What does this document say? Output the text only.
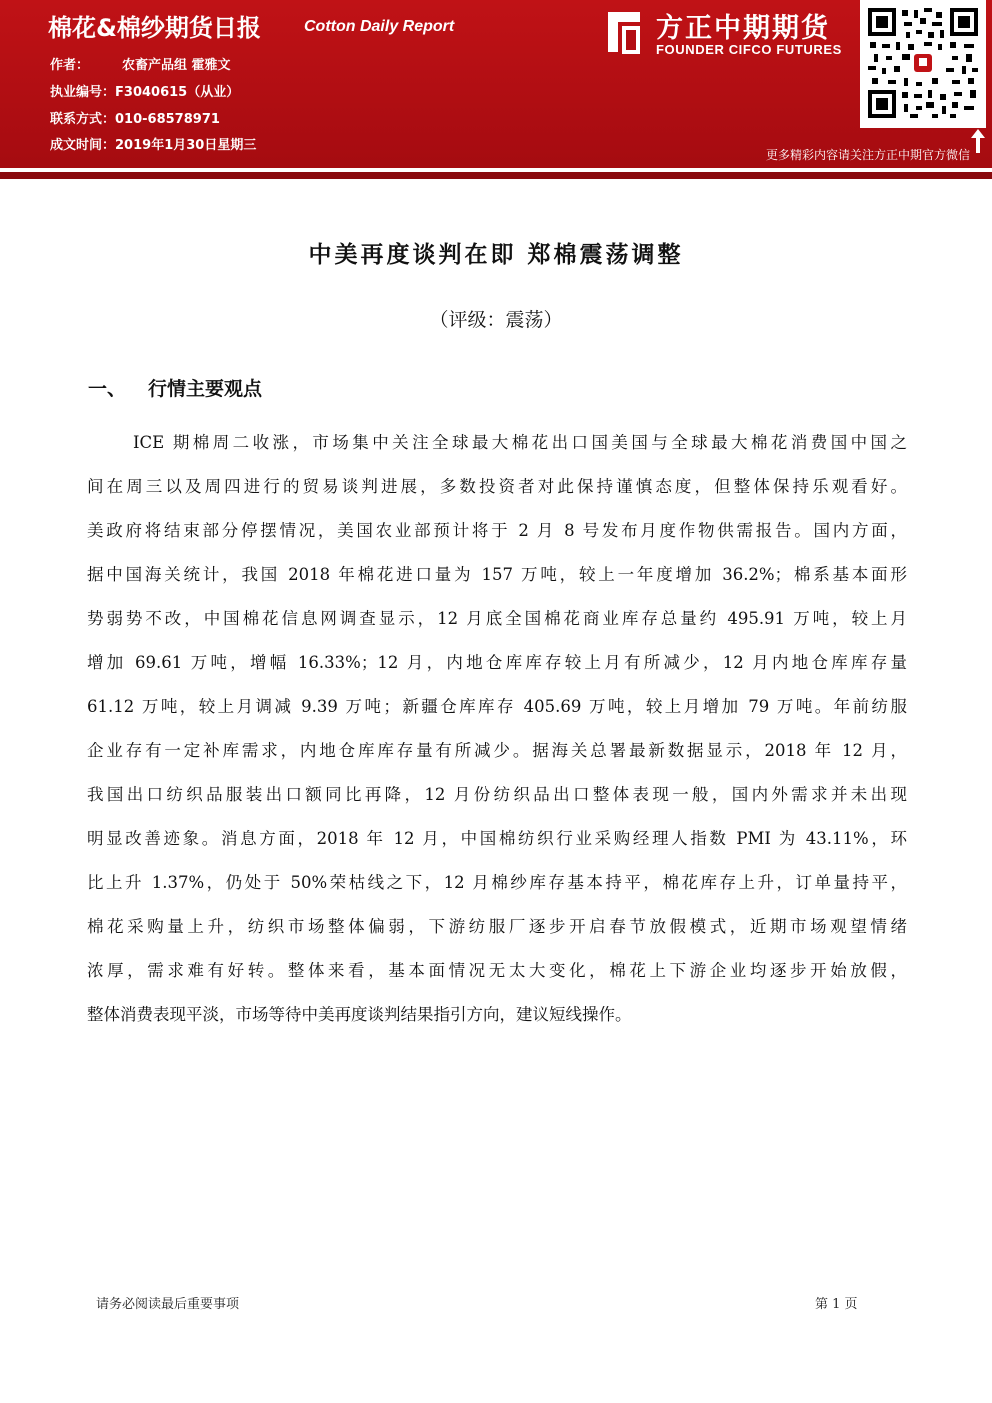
棉花&棉纱期货日报	Cotton Daily Report
作者：	农畜产品组 霍雅文
执业编号：F3040615（从业）
联系方式：010-68578971
成文时间：2019年1月30日星期三
方正中期期货
FOUNDER CIFCO FUTURES
更多精彩内容请关注方正中期官方微信
中美再度谈判在即 郑棉震荡调整
（评级：震荡）
一、 行情主要观点
ICE 期棉周二收涨，市场集中关注全球最大棉花出口国美国与全球最大棉花消费国中国之
间在周三以及周四进行的贸易谈判进展，多数投资者对此保持谨慎态度，但整体保持乐观看好。
美政府将结束部分停摆情况，美国农业部预计将于 2 月 8 号发布月度作物供需报告。国内方面，
据中国海关统计，我国 2018 年棉花进口量为 157 万吨，较上一年度增加 36.2%；棉系基本面形
势弱势不改，中国棉花信息网调查显示，12 月底全国棉花商业库存总量约 495.91 万吨，较上月
增加 69.61 万吨，增幅 16.33%；12 月，内地仓库库存较上月有所减少，12 月内地仓库库存量
61.12 万吨，较上月调减 9.39 万吨；新疆仓库库存 405.69 万吨，较上月增加 79 万吨。年前纺服
企业存有一定补库需求，内地仓库库存量有所减少。据海关总署最新数据显示，2018 年 12 月，
我国出口纺织品服装出口额同比再降，12 月份纺织品出口整体表现一般，国内外需求并未出现
明显改善迹象。消息方面，2018 年 12 月，中国棉纺织行业采购经理人指数 PMI 为 43.11%，环
比上升 1.37%，仍处于 50%荣枯线之下，12 月棉纱库存基本持平，棉花库存上升，订单量持平，
棉花采购量上升，纺织市场整体偏弱，下游纺服厂逐步开启春节放假模式，近期市场观望情绪
浓厚，需求难有好转。整体来看，基本面情况无太大变化，棉花上下游企业均逐步开始放假，
整体消费表现平淡，市场等待中美再度谈判结果指引方向，建议短线操作。
请务必阅读最后重要事项	第 1 页
